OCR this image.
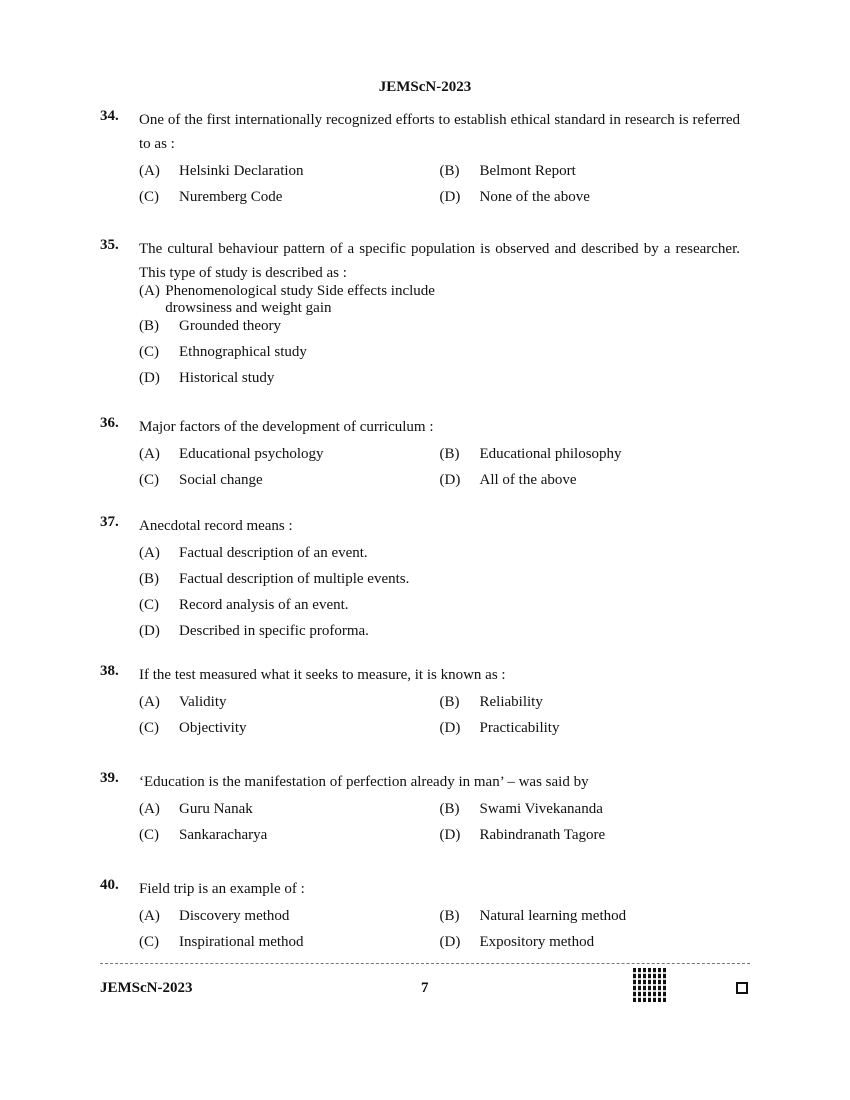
JEMScN-2023
34. One of the first internationally recognized efforts to establish ethical standard in research is referred to as :
(A)	Helsinki Declaration	(B)	Belmont Report
(C)	Nuremberg Code	(D)	None of the above
35. The cultural behaviour pattern of a specific population is observed and described by a researcher. This type of study is described as :
(A) Phenomenological study Side effects include drowsiness and weight gain
(B)	Grounded theory
(C)	Ethnographical study
(D)	Historical study
36. Major factors of the development of curriculum :
(A)	Educational psychology	(B)	Educational philosophy
(C)	Social change	(D)	All of the above
37. Anecdotal record means :
(A)	Factual description of an event.
(B)	Factual description of multiple events.
(C)	Record analysis of an event.
(D)	Described in specific proforma.
38. If the test measured what it seeks to measure, it is known as :
(A)	Validity	(B)	Reliability
(C)	Objectivity	(D)	Practicability
39. ‘Education is the manifestation of perfection already in man’ – was said by
(A)	Guru Nanak	(B)	Swami Vivekananda
(C)	Sankaracharya	(D)	Rabindranath Tagore
40. Field trip is an example of :
(A)	Discovery method	(B)	Natural learning method
(C)	Inspirational method	(D)	Expository method
JEMScN-2023	7
